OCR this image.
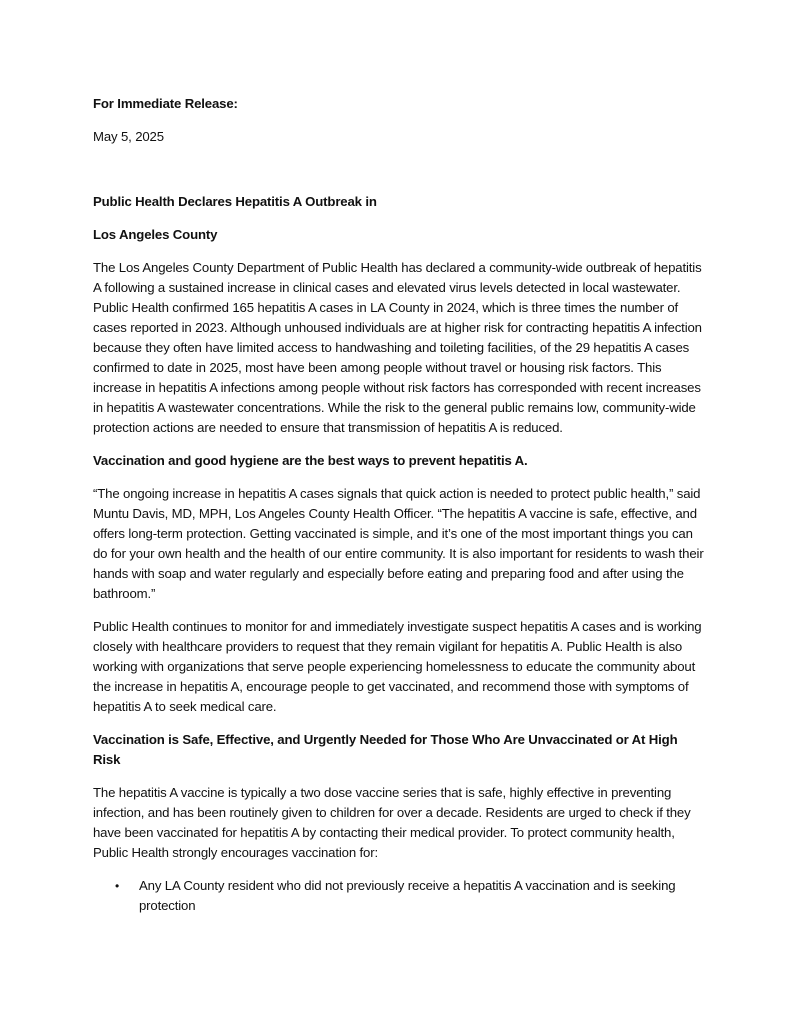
For Immediate Release:

May 5, 2025

Public Health Declares Hepatitis A Outbreak in

Los Angeles County

The Los Angeles County Department of Public Health has declared a community-wide outbreak of hepatitis A following a sustained increase in clinical cases and elevated virus levels detected in local wastewater. Public Health confirmed 165 hepatitis A cases in LA County in 2024, which is three times the number of cases reported in 2023. Although unhoused individuals are at higher risk for contracting hepatitis A infection because they often have limited access to handwashing and toileting facilities, of the 29 hepatitis A cases confirmed to date in 2025, most have been among people without travel or housing risk factors. This increase in hepatitis A infections among people without risk factors has corresponded with recent increases in hepatitis A wastewater concentrations. While the risk to the general public remains low, community-wide protection actions are needed to ensure that transmission of hepatitis A is reduced.

Vaccination and good hygiene are the best ways to prevent hepatitis A.

“The ongoing increase in hepatitis A cases signals that quick action is needed to protect public health,” said Muntu Davis, MD, MPH, Los Angeles County Health Officer. “The hepatitis A vaccine is safe, effective, and offers long-term protection. Getting vaccinated is simple, and it’s one of the most important things you can do for your own health and the health of our entire community. It is also important for residents to wash their hands with soap and water regularly and especially before eating and preparing food and after using the bathroom.”

Public Health continues to monitor for and immediately investigate suspect hepatitis A cases and is working closely with healthcare providers to request that they remain vigilant for hepatitis A. Public Health is also working with organizations that serve people experiencing homelessness to educate the community about the increase in hepatitis A, encourage people to get vaccinated, and recommend those with symptoms of hepatitis A to seek medical care.

Vaccination is Safe, Effective, and Urgently Needed for Those Who Are Unvaccinated or At High Risk

The hepatitis A vaccine is typically a two dose vaccine series that is safe, highly effective in preventing infection, and has been routinely given to children for over a decade. Residents are urged to check if they have been vaccinated for hepatitis A by contacting their medical provider. To protect community health, Public Health strongly encourages vaccination for:

• Any LA County resident who did not previously receive a hepatitis A vaccination and is seeking protection
